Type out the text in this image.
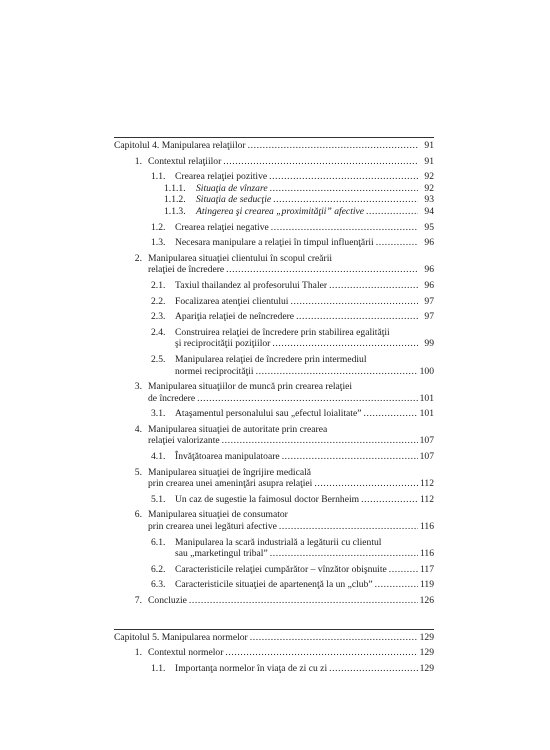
Capitolul 4. Manipularea relaţiilor .....	91
1. Contextul relaţiilor .....	91
1.1.	Crearea relaţiei pozitive .....	92
1.1.1.	Situaţia de vînzare .....	92
1.1.2.	Situaţia de seducţie .....	93
1.1.3.	Atingerea şi crearea „proximităţii” afective .....	94
1.2.	Crearea relaţiei negative .....	95
1.3.	Necesara manipulare a relaţiei în timpul influenţării .....	96
2. Manipularea situaţiei clientului în scopul creării
relaţiei de încredere .....	96
2.1.	Taxiul thailandez al profesorului Thaler .....	96
2.2.	Focalizarea atenţiei clientului .....	97
2.3.	Apariţia relaţiei de neîncredere .....	97
2.4.	Construirea relaţiei de încredere prin stabilirea egalităţii
şi reciprocităţii poziţiilor .....	99
2.5.	Manipularea relaţiei de încredere prin intermediul
normei reciprocităţii .....	100
3. Manipularea situaţiilor de muncă prin crearea relaţiei
de încredere .....	101
3.1.	Ataşamentul personalului sau „efectul loialitate” .....	101
4. Manipularea situaţiei de autoritate prin crearea
relaţiei valorizante .....	107
4.1.	Învăţătoarea manipulatoare .....	107
5. Manipularea situaţiei de îngrijire medicală
prin crearea unei ameninţări asupra relaţiei .....	112
5.1.	Un caz de sugestie la faimosul doctor Bernheim .....	112
6. Manipularea situaţiei de consumator
prin crearea unei legături afective .....	116
6.1.	Manipularea la scară industrială a legăturii cu clientul
sau „marketingul tribal” .....	116
6.2.	Caracteristicile relaţiei cumpărător – vînzător obişnuite .....	117
6.3.	Caracteristicile situaţiei de apartenenţă la un „club” .....	119
7. Concluzie .....	126
Capitolul 5. Manipularea normelor .....	129
1. Contextul normelor .....	129
1.1.	Importanţa normelor în viaţa de zi cu zi .....	129
